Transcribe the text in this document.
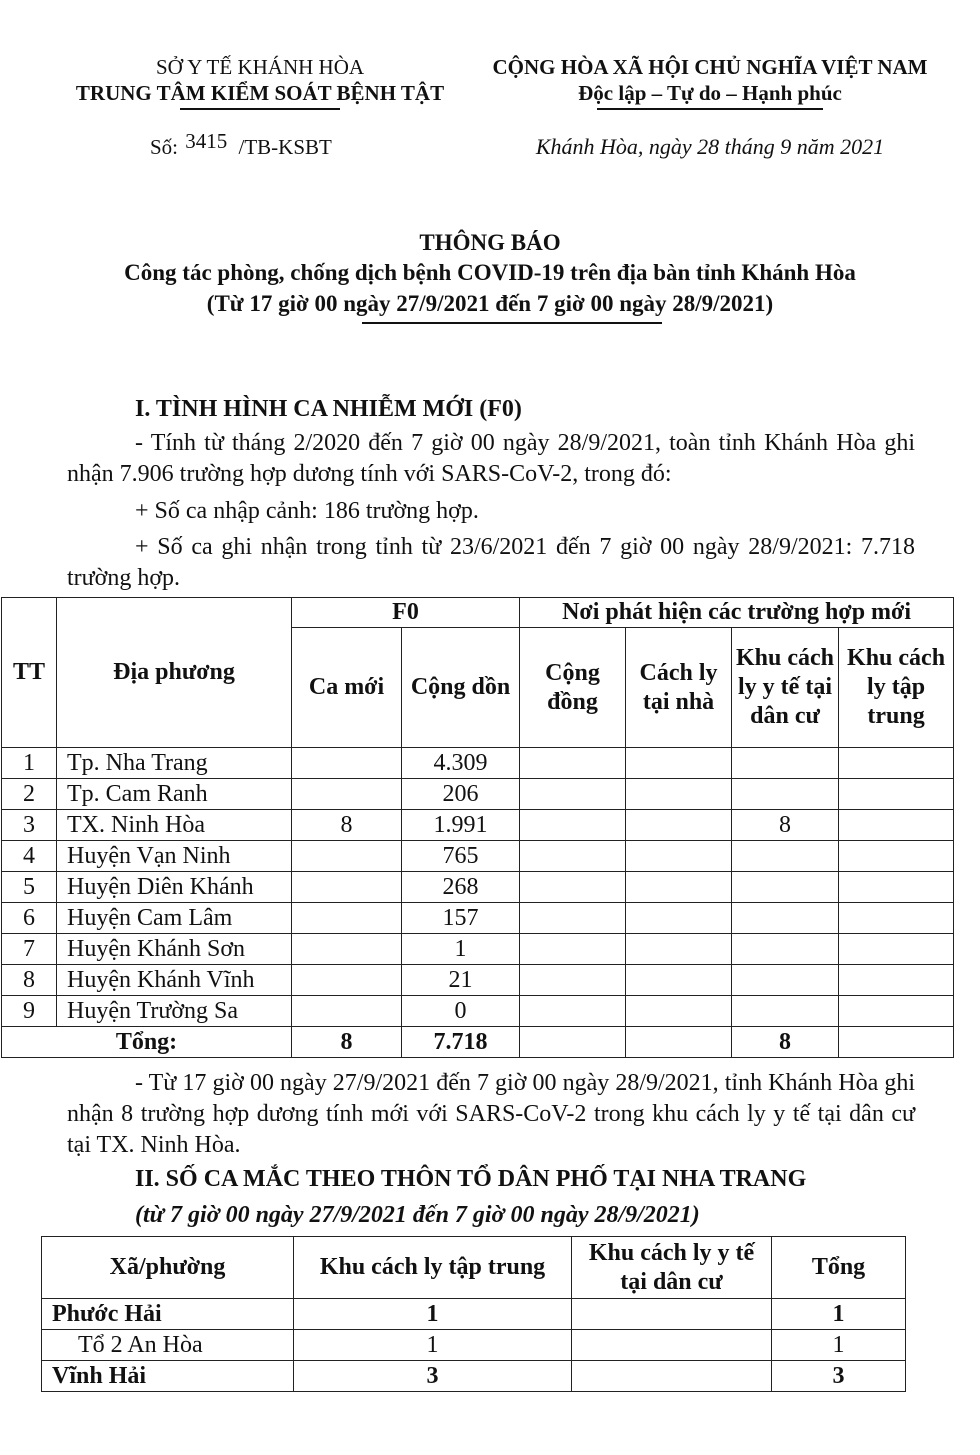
SỞ Y TẾ KHÁNH HÒA
TRUNG TÂM KIỂM SOÁT BỆNH TẬT
Số: 3415 /TB-KSBT
CỘNG HÒA XÃ HỘI CHỦ NGHĨA VIỆT NAM
Độc lập – Tự do – Hạnh phúc
Khánh Hòa, ngày 28 tháng 9 năm 2021
THÔNG BÁO
Công tác phòng, chống dịch bệnh COVID-19 trên địa bàn tỉnh Khánh Hòa
(Từ 17 giờ 00 ngày 27/9/2021 đến 7 giờ 00 ngày 28/9/2021)
I. TÌNH HÌNH CA NHIỄM MỚI (F0)
- Tính từ tháng 2/2020 đến 7 giờ 00 ngày 28/9/2021, toàn tỉnh Khánh Hòa ghi nhận 7.906 trường hợp dương tính với SARS-CoV-2, trong đó:
+ Số ca nhập cảnh: 186 trường hợp.
+ Số ca ghi nhận trong tỉnh từ 23/6/2021 đến 7 giờ 00 ngày 28/9/2021: 7.718 trường hợp.
TT	Địa phương	F0		Nơi phát hiện các trường hợp mới			
		Ca mới	Cộng dồn	Cộng đồng	Cách ly tại nhà	Khu cách ly y tế tại dân cư	Khu cách ly tập trung
1	Tp. Nha Trang		4.309				
2	Tp. Cam Ranh		206				
3	TX. Ninh Hòa	8	1.991			8	
4	Huyện Vạn Ninh		765				
5	Huyện Diên Khánh		268				
6	Huyện Cam Lâm		157				
7	Huyện Khánh Sơn		1				
8	Huyện Khánh Vĩnh		21				
9	Huyện Trường Sa		0				
Tổng:		8	7.718			8	
- Từ 17 giờ 00 ngày 27/9/2021 đến 7 giờ 00 ngày 28/9/2021, tỉnh Khánh Hòa ghi nhận 8 trường hợp dương tính mới với SARS-CoV-2 trong khu cách ly y tế tại dân cư tại TX. Ninh Hòa.
II. SỐ CA MẮC THEO THÔN TỔ DÂN PHỐ TẠI NHA TRANG
(từ 7 giờ 00 ngày 27/9/2021 đến 7 giờ 00 ngày 28/9/2021)
Xã/phường	Khu cách ly tập trung	Khu cách ly y tế tại dân cư	Tổng
Phước Hải	1		1
Tổ 2 An Hòa	1		1
Vĩnh Hải	3		3
